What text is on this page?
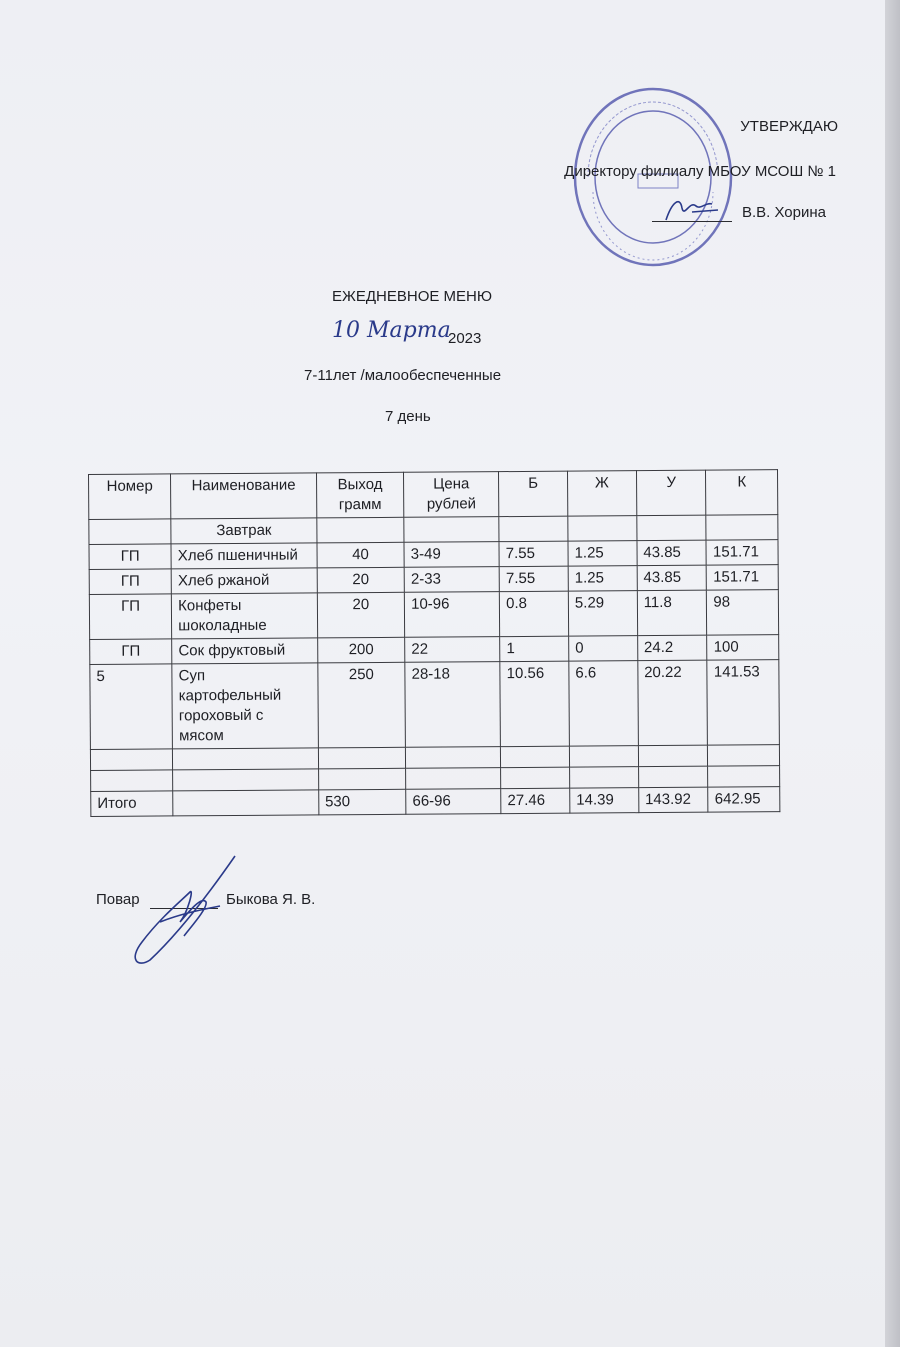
УТВЕРЖДАЮ
Директору филиалу МБОУ МСОШ № 1
В.В. Хорина
ЕЖЕДНЕВНОЕ МЕНЮ
10 Марта
2023
7-11лет /малообеспеченные
7 день
Номер	Наименование	Выход грамм	Цена рублей	Б	Ж	У	К
	Завтрак						
ГП	Хлеб пшеничный	40	3-49	7.55	1.25	43.85	151.71
ГП	Хлеб ржаной	20	2-33	7.55	1.25	43.85	151.71
ГП	Конфеты шоколадные	20	10-96	0.8	5.29	11.8	98
ГП	Сок фруктовый	200	22	1	0	24.2	100
5	Суп картофельный гороховый с мясом	250	28-18	10.56	6.6	20.22	141.53

Итого		530	66-96	27.46	14.39	143.92	642.95
Повар	Быкова Я. В.
